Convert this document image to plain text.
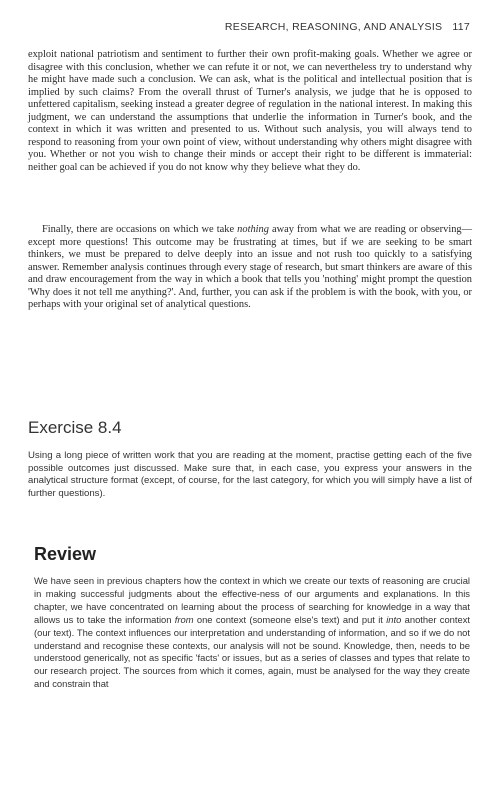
RESEARCH, REASONING, AND ANALYSIS 117

exploit national patriotism and sentiment to further their own profit-making goals. Whether we agree or disagree with this conclusion, whether we can refute it or not, we can nevertheless try to understand why he might have made such a conclusion. We can ask, what is the political and intellectual position that is implied by such claims? From the overall thrust of Turner's analysis, we judge that he is opposed to unfettered capitalism, seeking instead a greater degree of regulation in the national interest. In making this judgment, we can understand the assumptions that underlie the information in Turner's book, and the context in which it was written and presented to us. Without such analysis, you will always tend to respond to reasoning from your own point of view, without understanding why others might disagree with you. Whether or not you wish to change their minds or accept their right to be different is immaterial: neither goal can be achieved if you do not know why they believe what they do.

Finally, there are occasions on which we take nothing away from what we are reading or observing—except more questions! This outcome may be frustrating at times, but if we are seeking to be smart thinkers, we must be prepared to delve deeply into an issue and not rush too quickly to a satisfying answer. Remember analysis continues through every stage of research, but smart thinkers are aware of this and draw encouragement from the way in which a book that tells you 'nothing' might prompt the question 'Why does it not tell me anything?'. And, further, you can ask if the problem is with the book, with you, or perhaps with your original set of analytical questions.

Exercise 8.4
Using a long piece of written work that you are reading at the moment, practise getting each of the five possible outcomes just discussed. Make sure that, in each case, you express your answers in the analytical structure format (except, of course, for the last category, for which you will simply have a list of further questions).
Review
We have seen in previous chapters how the context in which we create our texts of reasoning are crucial in making successful judgments about the effective-ness of our arguments and explanations. In this chapter, we have concentrated on learning about the process of searching for knowledge in a way that allows us to take the information from one context (someone else's text) and put it into another context (our text). The context influences our interpretation and understanding of information, and so if we do not understand and recognise these contexts, our analysis will not be sound. Knowledge, then, needs to be understood generically, not as specific 'facts' or issues, but as a series of classes and types that relate to our research project. The sources from which it comes, again, must be analysed for the way they create and constrain that
